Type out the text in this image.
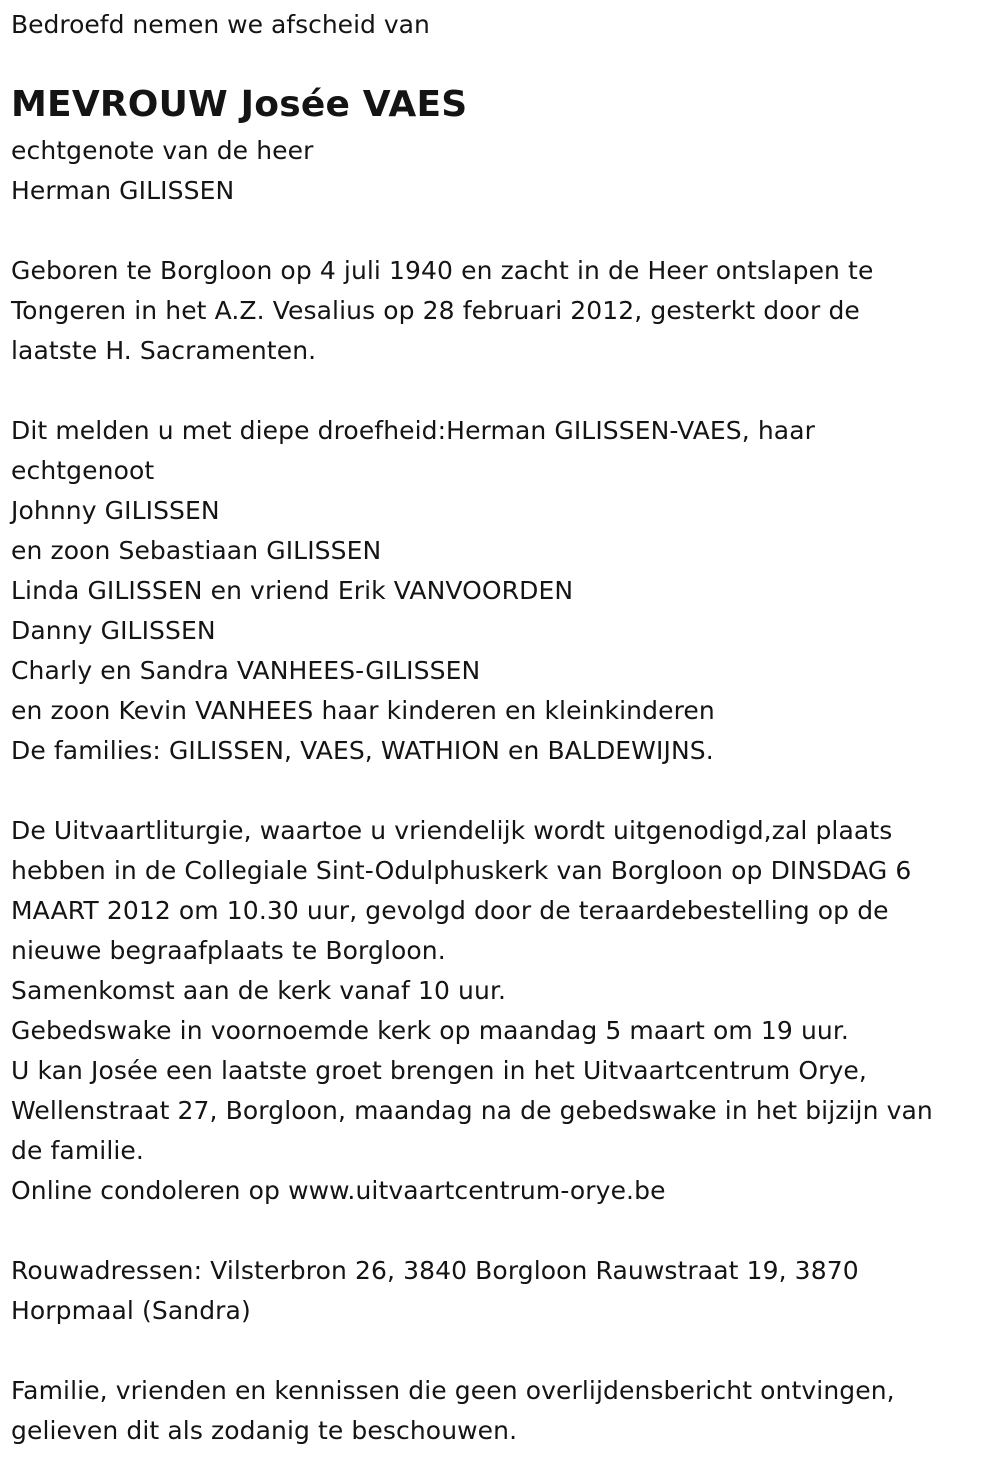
Bedroefd nemen we afscheid van
MEVROUW Josée VAES
echtgenote van de heer
Herman GILISSEN
Geboren te Borgloon op 4 juli 1940 en zacht in de Heer ontslapen te
Tongeren in het A.Z. Vesalius op 28 februari 2012, gesterkt door de
laatste H. Sacramenten.
Dit melden u met diepe droefheid:Herman GILISSEN-VAES, haar
echtgenoot
Johnny GILISSEN
en zoon Sebastiaan GILISSEN
Linda GILISSEN en vriend Erik VANVOORDEN
Danny GILISSEN
Charly en Sandra VANHEES-GILISSEN
en zoon Kevin VANHEES haar kinderen en kleinkinderen
De families: GILISSEN, VAES, WATHION en BALDEWIJNS.
De Uitvaartliturgie, waartoe u vriendelijk wordt uitgenodigd,zal plaats
hebben in de Collegiale Sint-Odulphuskerk van Borgloon op DINSDAG 6
MAART 2012 om 10.30 uur, gevolgd door de teraardebestelling op de
nieuwe begraafplaats te Borgloon.
Samenkomst aan de kerk vanaf 10 uur.
Gebedswake in voornoemde kerk op maandag 5 maart om 19 uur.
U kan Josée een laatste groet brengen in het Uitvaartcentrum Orye,
Wellenstraat 27, Borgloon, maandag na de gebedswake in het bijzijn van
de familie.
Online condoleren op www.uitvaartcentrum-orye.be
Rouwadressen: Vilsterbron 26, 3840 Borgloon Rauwstraat 19, 3870
Horpmaal (Sandra)
Familie, vrienden en kennissen die geen overlijdensbericht ontvingen,
gelieven dit als zodanig te beschouwen.
